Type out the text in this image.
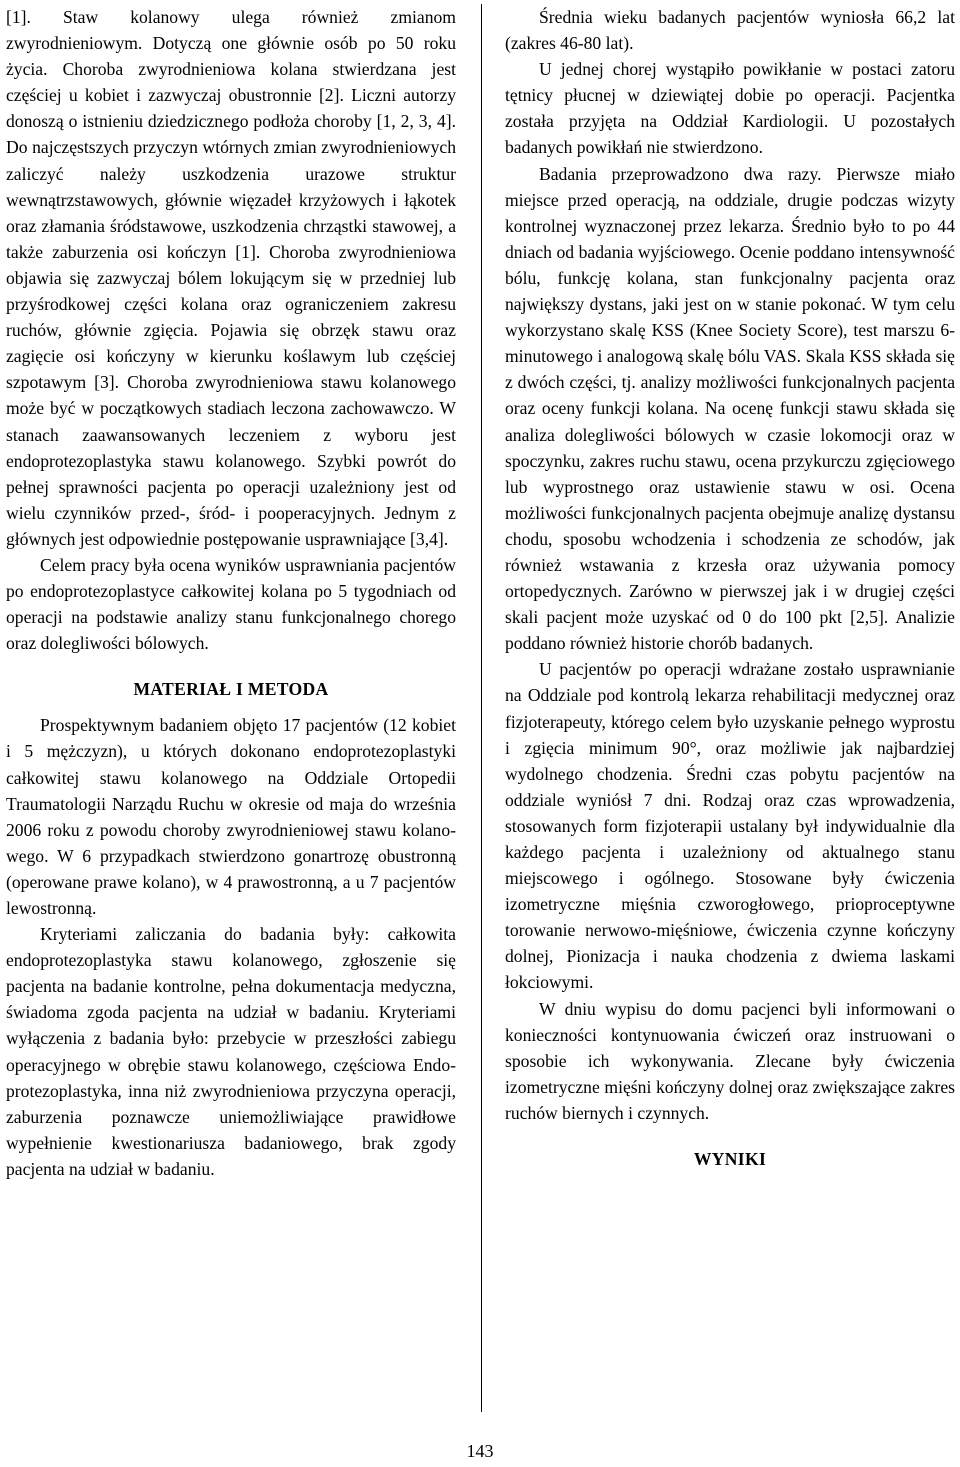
[1]. Staw kolanowy ulega również zmianom zwyrodnieniowym. Dotyczą one głównie osób po 50 roku życia. Choroba zwyrodnieniowa kolana stwierdzana jest częściej u kobiet i zazwyczaj obustronnie [2]. Liczni autorzy donoszą o istnieniu dziedzicznego podłoża choroby [1, 2, 3, 4]. Do najczęstszych przyczyn wtórnych zmian zwyrodnieniowych zaliczyć należy uszkodzenia urazowe struktur wewnątrzstawowych, głównie więzadeł krzyżowych i łąkotek oraz złamania śródstawowe, uszkodzenia chrząstki stawowej, a także zaburzenia osi kończyn [1]. Choroba zwyrodnieniowa objawia się zazwyczaj bólem lokującym się w przedniej lub przyśrodkowej części kolana oraz ograniczeniem zakresu ruchów, głównie zgięcia. Pojawia się obrzęk stawu oraz zagięcie osi kończyny w kierunku koślawym lub częściej szpotawym [3]. Choroba zwyrodnieniowa stawu kolanowego może być w początkowych stadiach leczona zachowawczo. W stanach zaawansowanych leczeniem z wyboru jest endoprotezoplastyka stawu kolanowego. Szybki powrót do pełnej sprawności pacjenta po operacji uzależniony jest od wielu czynników przed-, śród- i pooperacyjnych. Jednym z głównych jest odpowiednie postępowanie usprawniające [3,4].

Celem pracy była ocena wyników usprawniania pacjentów po endoprotezoplastyce całkowitej kolana po 5 tygodniach od operacji na podstawie analizy stanu funkcjonalnego chorego oraz dolegliwości bólowych.

MATERIAŁ I METODA

Prospektywnym badaniem objęto 17 pacjentów (12 kobiet i 5 mężczyzn), u których dokonano endoprotezoplastyki całkowitej stawu kolanowego na Oddziale Ortopedii Traumatologii Narządu Ruchu w okresie od maja do września 2006 roku z powodu choroby zwyrodnieniowej stawu kolanowego. W 6 przypadkach stwierdzono gonartrozę obustronną (operowane prawe kolano), w 4 prawostronną, a u 7 pacjentów lewostronną.

Kryteriami zaliczania do badania były: całkowita endoprotezoplastyka stawu kolanowego, zgłoszenie się pacjenta na badanie kontrolne, pełna dokumentacja medyczna, świadoma zgoda pacjenta na udział w badaniu. Kryteriami wyłączenia z badania było: przebycie w przeszłości zabiegu operacyjnego w obrębie stawu kolanowego, częściowa Endoprotezoplastyka, inna niż zwyrodnieniowa przyczyna operacji, zaburzenia poznawcze uniemożliwiające prawidłowe wypełnienie kwestionariusza badaniowego, brak zgody pacjenta na udział w badaniu.

Średnia wieku badanych pacjentów wyniosła 66,2 lat (zakres 46-80 lat).

U jednej chorej wystąpiło powikłanie w postaci zatoru tętnicy płucnej w dziewiątej dobie po operacji. Pacjentka została przyjęta na Oddział Kardiologii. U pozostałych badanych powikłań nie stwierdzono.

Badania przeprowadzono dwa razy. Pierwsze miało miejsce przed operacją, na oddziale, drugie podczas wizyty kontrolnej wyznaczonej przez lekarza. Średnio było to po 44 dniach od badania wyjściowego. Ocenie poddano intensywność bólu, funkcję kolana, stan funkcjonalny pacjenta oraz największy dystans, jaki jest on w stanie pokonać. W tym celu wykorzystano skalę KSS (Knee Society Score), test marszu 6-minutowego i analogową skalę bólu VAS. Skala KSS składa się z dwóch części, tj. analizy możliwości funkcjonalnych pacjenta oraz oceny funkcji kolana. Na ocenę funkcji stawu składa się analiza dolegliwości bólowych w czasie lokomocji oraz w spoczynku, zakres ruchu stawu, ocena przykurczu zgięciowego lub wyprostnego oraz ustawienie stawu w osi. Ocena możliwości funkcjonalnych pacjenta obejmuje analizę dystansu chodu, sposobu wchodzenia i schodzenia ze schodów, jak również wstawania z krzesła oraz używania pomocy ortopedycznych. Zarówno w pierwszej jak i w drugiej części skali pacjent może uzyskać od 0 do 100 pkt [2,5]. Analizie poddano również historie chorób badanych.

U pacjentów po operacji wdrażane zostało usprawnianie na Oddziale pod kontrolą lekarza rehabilitacji medycznej oraz fizjoterapeuty, którego celem było uzyskanie pełnego wyprostu i zgięcia minimum 90°, oraz możliwie jak najbardziej wydolnego chodzenia. Średni czas pobytu pacjentów na oddziale wyniósł 7 dni. Rodzaj oraz czas wprowadzenia, stosowanych form fizjoterapii ustalany był indywidualnie dla każdego pacjenta i uzależniony od aktualnego stanu miejscowego i ogólnego. Stosowane były ćwiczenia izometryczne mięśnia czworogłowego, prioproceptywne torowanie nerwowo-mięśniowe, ćwiczenia czynne kończyny dolnej, Pionizacja i nauka chodzenia z dwiema laskami łokciowymi.

W dniu wypisu do domu pacjenci byli informowani o konieczności kontynuowania ćwiczeń oraz instruowani o sposobie ich wykonywania. Zlecane były ćwiczenia izometryczne mięśni kończyny dolnej oraz zwiększające zakres ruchów biernych i czynnych.

WYNIKI
143
